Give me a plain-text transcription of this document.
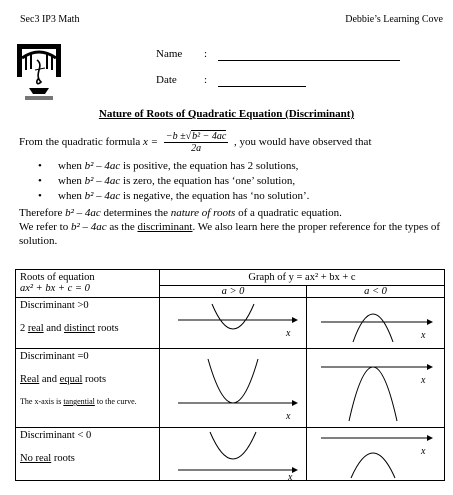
Sec3 IP3 Math	Debbie’s Learning Cove
Name :
Date :
Nature of Roots of Quadratic Equation (Discriminant)
From the quadratic formula $x = \frac{\text{−b ±√b² − 4ac}}{2a}$ , you would have observed that
• when b² – 4ac is positive, the equation has 2 solutions,
• when b² – 4ac is zero, the equation has ‘one’ solution,
• when b² – 4ac is negative, the equation has ‘no solution’.
Therefore b² – 4ac determines the nature of roots of a quadratic equation.
We refer to b² – 4ac as the discriminant. We also learn here the proper reference for the types of solution.
Roots of equation
ax² + bx + c = 0	Graph of y = ax² + bx + c	

	a > 0	a < 0

Discriminant >0
2 real and distinct roots	x	x

Discriminant =0
Real and equal roots
The x-axis is tangential to the curve.	x	x

Discriminant < 0
No real roots	x	x
